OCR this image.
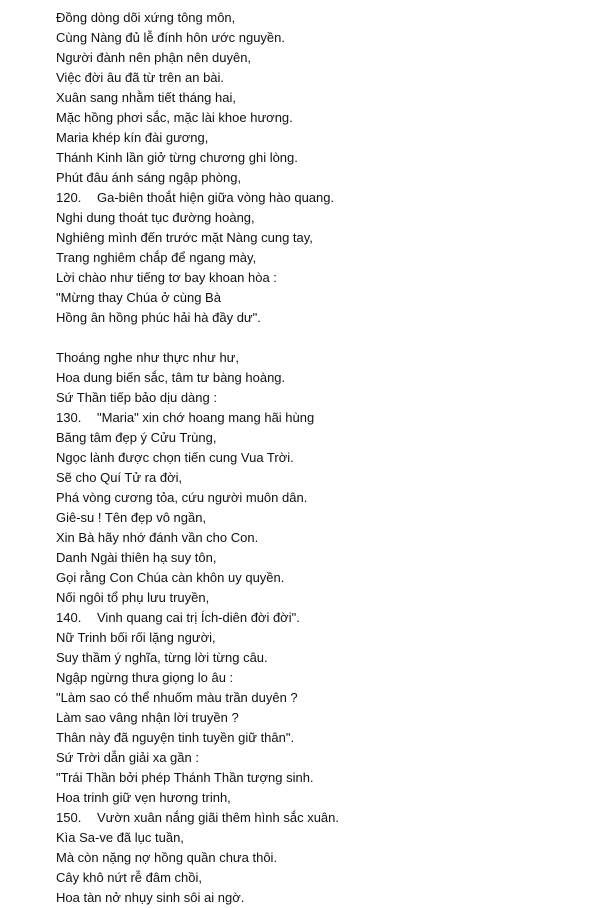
Đồng dòng dõi xứng tông môn,
Cùng Nàng đủ lễ đính hôn ước nguyền.
Người đành nên phận nên duyên,
Việc đời âu đã từ trên an bài.
Xuân sang nhằm tiết tháng hai,
Mặc hồng phơi sắc, mặc lài khoe hương.
Maria khép kín đài gương,
Thánh Kinh lần giở từng chương ghi lòng.
Phút đâu ánh sáng ngập phòng,
120. Ga-biên thoắt hiện giữa vòng hào quang.
Nghi dung thoát tục đường hoàng,
Nghiêng mình đến trước mặt Nàng cung tay,
Trang nghiêm chắp để ngang mày,
Lời chào như tiếng tơ bay khoan hòa :
"Mừng thay Chúa ở cùng Bà
Hồng ân hồng phúc hải hà đầy dư".
Thoáng nghe như thực như hư,
Hoa dung biến sắc, tâm tư bàng hoàng.
Sứ Thần tiếp bảo dịu dàng :
130. "Maria" xin chớ hoang mang hãi hùng
Băng tâm đẹp ý Cửu Trùng,
Ngọc lành được chọn tiến cung Vua Trời.
Sẽ cho Quí Tử ra đời,
Phá vòng cương tỏa, cứu người muôn dân.
Giê-su ! Tên đẹp vô ngần,
Xin Bà hãy nhớ đánh vần cho Con.
Danh Ngài thiên hạ suy tôn,
Gọi rằng Con Chúa càn khôn uy quyền.
Nối ngôi tổ phụ lưu truyền,
140. Vinh quang cai trị Ích-diên đời đời".
Nữ Trinh bối rối lặng người,
Suy thầm ý nghĩa, từng lời từng câu.
Ngập ngừng thưa giọng lo âu :
"Làm sao có thể nhuốm màu trần duyên ?
Làm sao vâng nhận lời truyền ?
Thân này đã nguyện tinh tuyền giữ thân".
Sứ Trời dẫn giải xa gần :
"Trái Thần bởi phép Thánh Thần tượng sinh.
Hoa trinh giữ vẹn hương trinh,
150. Vườn xuân nắng giãi thêm hình sắc xuân.
Kìa Sa-ve đã lục tuần,
Mà còn nặng nợ hồng quần chưa thôi.
Cây khô nứt rễ đâm chồi,
Hoa tàn nở nhụy sinh sôi ai ngờ.
